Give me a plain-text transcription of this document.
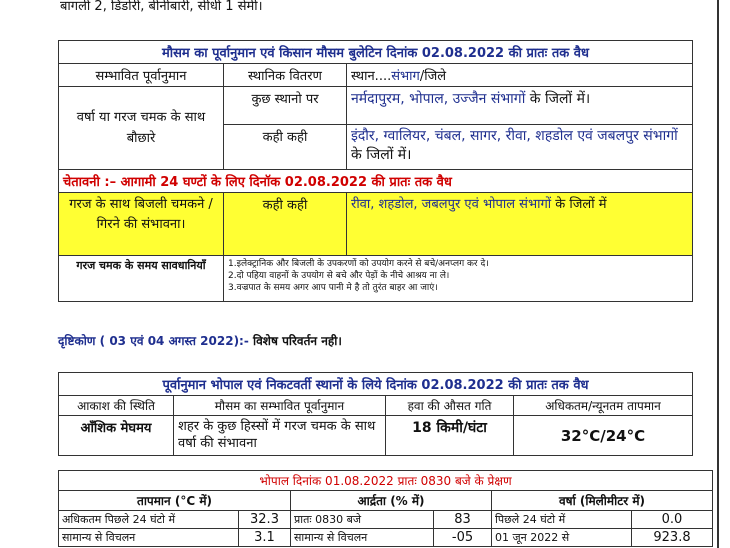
बागली 2, डिंडोरी, बीनीबारी, सीधी 1 सेमी।
मौसम का पूर्वानुमान एवं किसान मौसम बुलेटिन दिनांक 02.08.2022 की प्रातः तक वैध		
सम्भावित पूर्वानुमान	स्थानिक वितरण	स्थान....संभाग/जिले
वर्षा या गरज चमक के साथ बौछारे	कुछ स्थानो पर	नर्मदापुरम, भोपाल, उज्जैन संभागों के जिलों में।
	कही कही	इंदौर, ग्वालियर, चंबल, सागर, रीवा, शहडोल एवं जबलपुर संभागों के जिलों में।
चेतावनी :– आगामी 24 घण्टों के लिए दिनॉक 02.08.2022 की प्रातः तक वैध		
गरज के साथ बिजली चमकने / गिरने की संभावना।	कही कही	रीवा, शहडोल, जबलपुर एवं भोपाल संभागों के जिलों में
गरज चमक के समय सावधानियाँ	1.इलेक्ट्रानिक और बिजली के उपकरणों को उपयोग करने से बचे/अनप्लग कर दे।
2.दो पहिया वाहनों के उपयोग से बचे और पेड़ों के नीचे आश्रय ना ले।
3.वज्रपात के समय अगर आप पानी मे है तो तुरंत बाहर आ जाएं।	
दृष्टिकोण ( 03 एवं 04 अगस्त 2022):- विशेष परिवर्तन नही।
पूर्वानुमान भोपाल एवं निकटवर्ती स्थानों के लिये दिनांक 02.08.2022 की प्रातः तक वैध			
आकाश की स्थिति	मौसम का सम्भावित पूर्वानुमान	हवा की औसत गति	अधिकतम/न्यूनतम तापमान
आँशिक मेघमय	शहर के कुछ हिस्सों में गरज चमक के साथ वर्षा की संभावना	18 किमी/घंटा	32°C/24°C
भोपाल दिनांक 01.08.2022 प्रातः 0830 बजे के प्रेक्षण					
तापमान (°C में)		आर्द्रता (% में)		वर्षा (मिलीमीटर में)	
अधिकतम पिछले 24 घंटो में	32.3	प्रातः 0830 बजे	83	पिछले 24 घंटो में	0.0
सामान्य से विचलन	3.1	सामान्य से विचलन	-05	01 जून 2022 से	923.8
